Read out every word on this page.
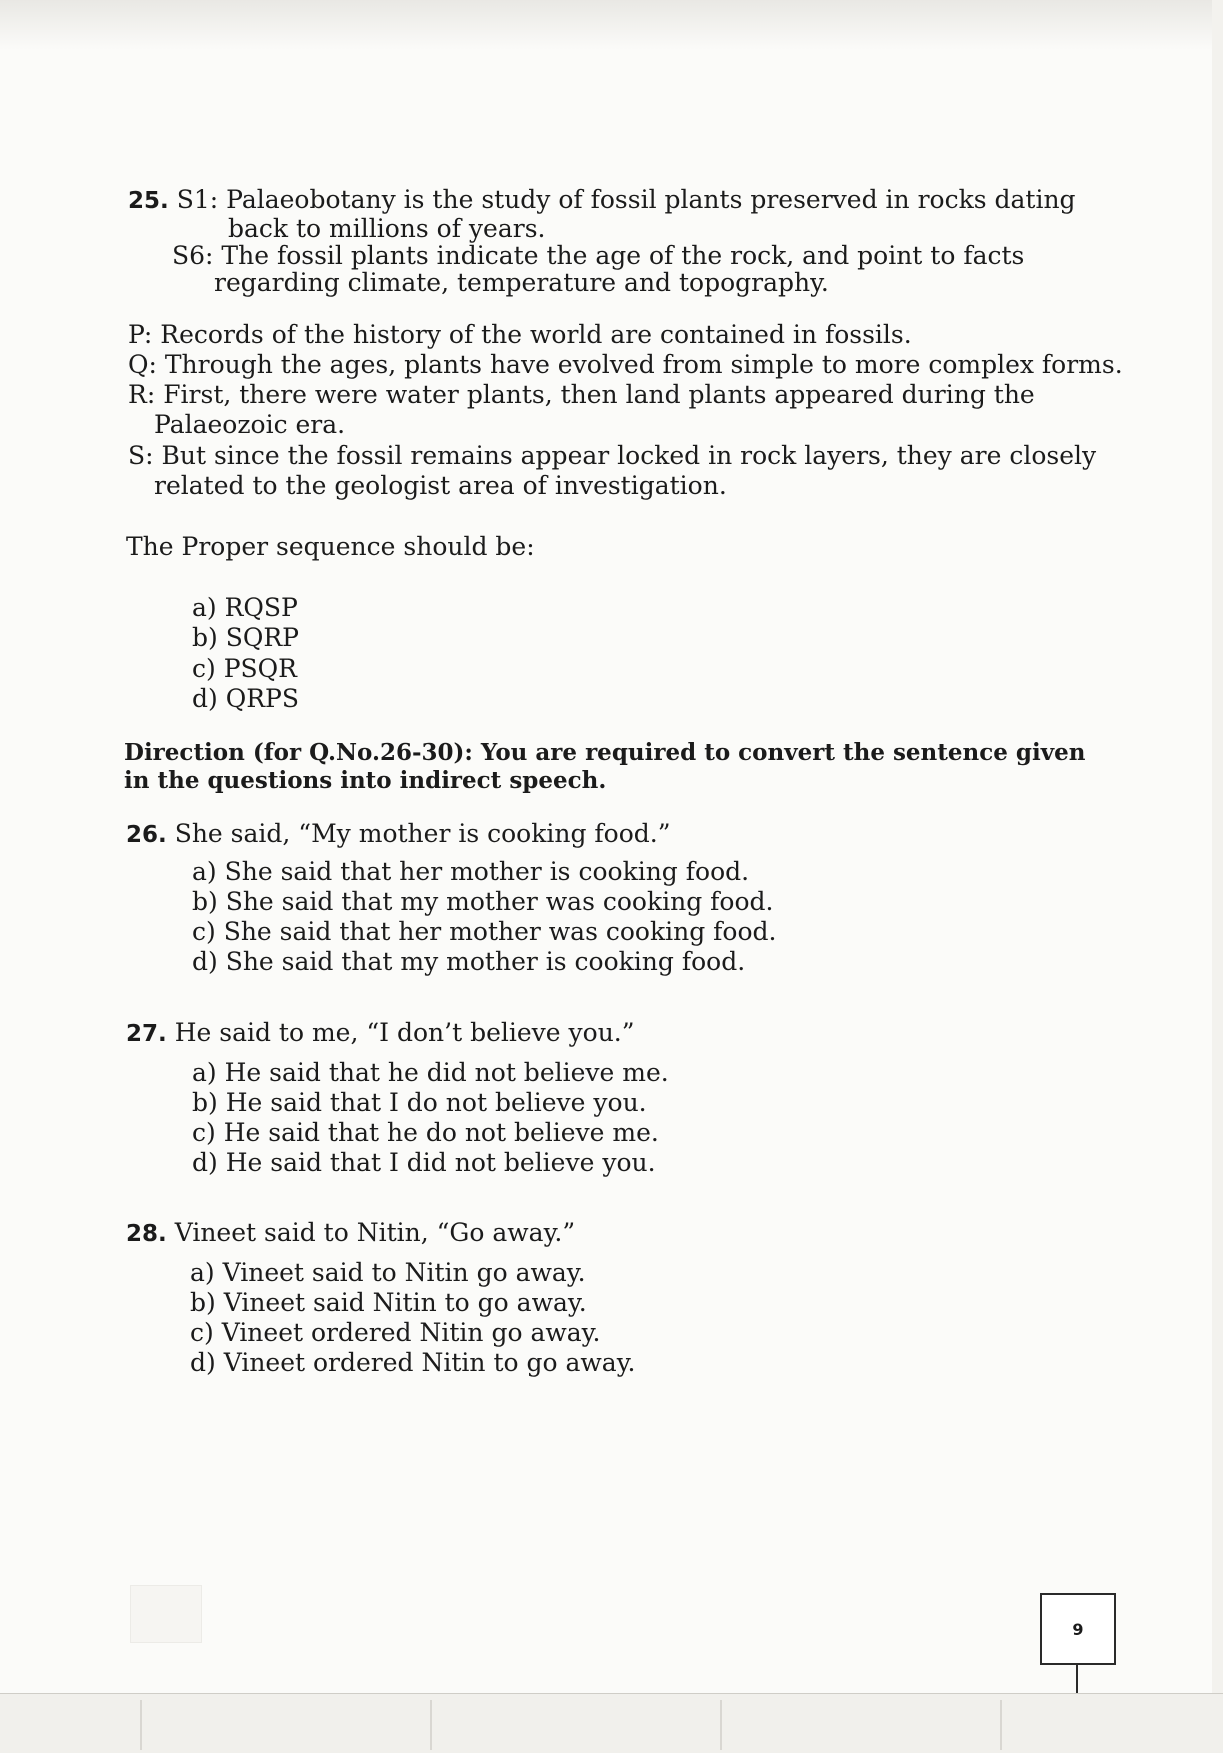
25. S1: Palaeobotany is the study of fossil plants preserved in rocks dating
back to millions of years.
S6: The fossil plants indicate the age of the rock, and point to facts
regarding climate, temperature and topography.
P: Records of the history of the world are contained in fossils.
Q: Through the ages, plants have evolved from simple to more complex forms.
R: First, there were water plants, then land plants appeared during the
Palaeozoic era.
S: But since the fossil remains appear locked in rock layers, they are closely
related to the geologist area of investigation.
The Proper sequence should be:
a) RQSP
b) SQRP
c) PSQR
d) QRPS
Direction (for Q.No.26-30): You are required to convert the sentence given
in the questions into indirect speech.
26. She said, “My mother is cooking food.”
a) She said that her mother is cooking food.
b) She said that my mother was cooking food.
c) She said that her mother was cooking food.
d) She said that my mother is cooking food.
27. He said to me, “I don’t believe you.”
a) He said that he did not believe me.
b) He said that I do not believe you.
c) He said that he do not believe me.
d) He said that I did not believe you.
28. Vineet said to Nitin, “Go away.”
a) Vineet said to Nitin go away.
b) Vineet said Nitin to go away.
c) Vineet ordered Nitin go away.
d) Vineet ordered Nitin to go away.
9
